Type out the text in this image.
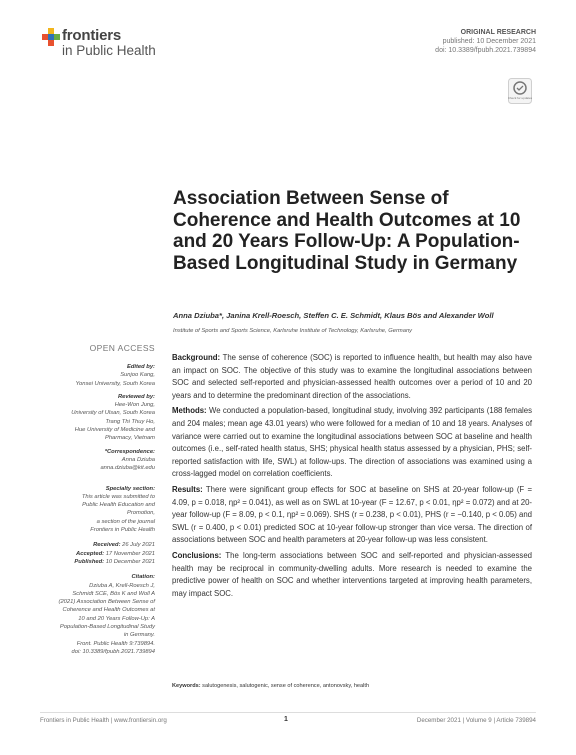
frontiers
in Public Health
ORIGINAL RESEARCH
published: 10 December 2021
doi: 10.3389/fpubh.2021.739894
Check for updates
Association Between Sense of Coherence and Health Outcomes at 10 and 20 Years Follow-Up: A Population-Based Longitudinal Study in Germany
Anna Dziuba*, Janina Krell-Roesch, Steffen C. E. Schmidt, Klaus Bös and Alexander Woll
Institute of Sports and Sports Science, Karlsruhe Institute of Technology, Karlsruhe, Germany
OPEN ACCESS
Edited by:
Sunjoo Kang,
Yonsei University, South Korea
Reviewed by:
Hee-Won Jung,
University of Ulsan, South Korea
Trang Thi Thuy Ho,
Hue University of Medicine and
Pharmacy, Vietnam
*Correspondence:
Anna Dziuba
anna.dziuba@kit.edu
Specialty section:
This article was submitted to
Public Health Education and
Promotion,
a section of the journal
Frontiers in Public Health
Received: 26 July 2021
Accepted: 17 November 2021
Published: 10 December 2021
Citation:
Dziuba A, Krell-Roesch J,
Schmidt SCE, Bös K and Woll A
(2021) Association Between Sense of
Coherence and Health Outcomes at
10 and 20 Years Follow-Up: A
Population-Based Longitudinal Study
in Germany.
Front. Public Health 9:739894.
doi: 10.3389/fpubh.2021.739894

Background: The sense of coherence (SOC) is reported to influence health, but health may also have an impact on SOC. The objective of this study was to examine the longitudinal associations between SOC and selected self-reported and physician-assessed health outcomes over a period of 10 and 20 years and to determine the predominant direction of the associations.

Methods: We conducted a population-based, longitudinal study, involving 392 participants (188 females and 204 males; mean age 43.01 years) who were followed for a median of 10 and 18 years. Analyses of variance were carried out to examine the longitudinal associations between SOC at baseline and health outcomes (i.e., self-rated health status, SHS; physical health status assessed by a physician, PHS; self-reported satisfaction with life, SWL) at follow-ups. The direction of associations was examined using a cross-lagged model on correlation coefficients.

Results: There were significant group effects for SOC at baseline on SHS at 20-year follow-up (F = 4.09, p = 0.018, ηp² = 0.041), as well as on SWL at 10-year (F = 12.67, p < 0.01, ηp² = 0.072) and at 20-year follow-up (F = 8.09, p < 0.1, ηp² = 0.069). SHS (r = 0.238, p < 0.01), PHS (r = −0.140, p < 0.05) and SWL (r = 0.400, p < 0.01) predicted SOC at 10-year follow-up stronger than vice versa. The direction of associations between SOC and health parameters at 20-year follow-up was less consistent.

Conclusions: The long-term associations between SOC and self-reported and physician-assessed health may be reciprocal in community-dwelling adults. More research is needed to examine the predictive power of health on SOC and whether interventions targeted at improving health parameters, may impact SOC.

Keywords: salutogenesis, salutogenic, sense of coherence, antonovsky, health
Frontiers in Public Health | www.frontiersin.org	1	December 2021 | Volume 9 | Article 739894
